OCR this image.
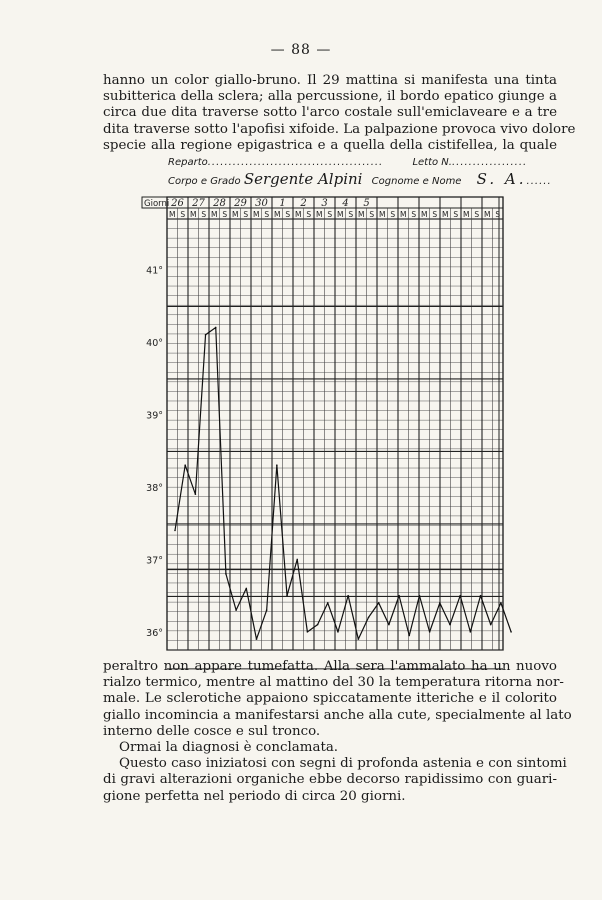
— 88 —
hanno un color giallo-bruno. Il 29 mattina si manifesta una tinta
subitterica della sclera; alla percussione, il bordo epatico giunge a
circa due dita traverse sotto l'arco costale sull'emiclaveare e a tre
dita traverse sotto l'apofisi xifoide. La palpazione provoca vivo dolore
specie alla regione epigastrica e a quella della cistifellea, la quale
Reparto..........................................	Letto N...................
Corpo e Grado Sergente Alpini Cognome e Nome S. A.......
Giorni 26
M S
27
M S
28
M S
29
M S
30
M S
1
M S
2
M S
3
M S
4
M S
5
M S M S M S M S M S M S M S
41°
40°
39°
38°
37°
36°
peraltro non appare tumefatta. Alla sera l'ammalato ha un nuovo
rialzo termico, mentre al mattino del 30 la temperatura ritorna nor-
male. Le sclerotiche appaiono spiccatamente itteriche e il colorito
giallo incomincia a manifestarsi anche alla cute, specialmente al lato
interno delle cosce e sul tronco.
Ormai la diagnosi è conclamata.
Questo caso iniziatosi con segni di profonda astenia e con sintomi
di gravi alterazioni organiche ebbe decorso rapidissimo con guari-
gione perfetta nel periodo di circa 20 giorni.
